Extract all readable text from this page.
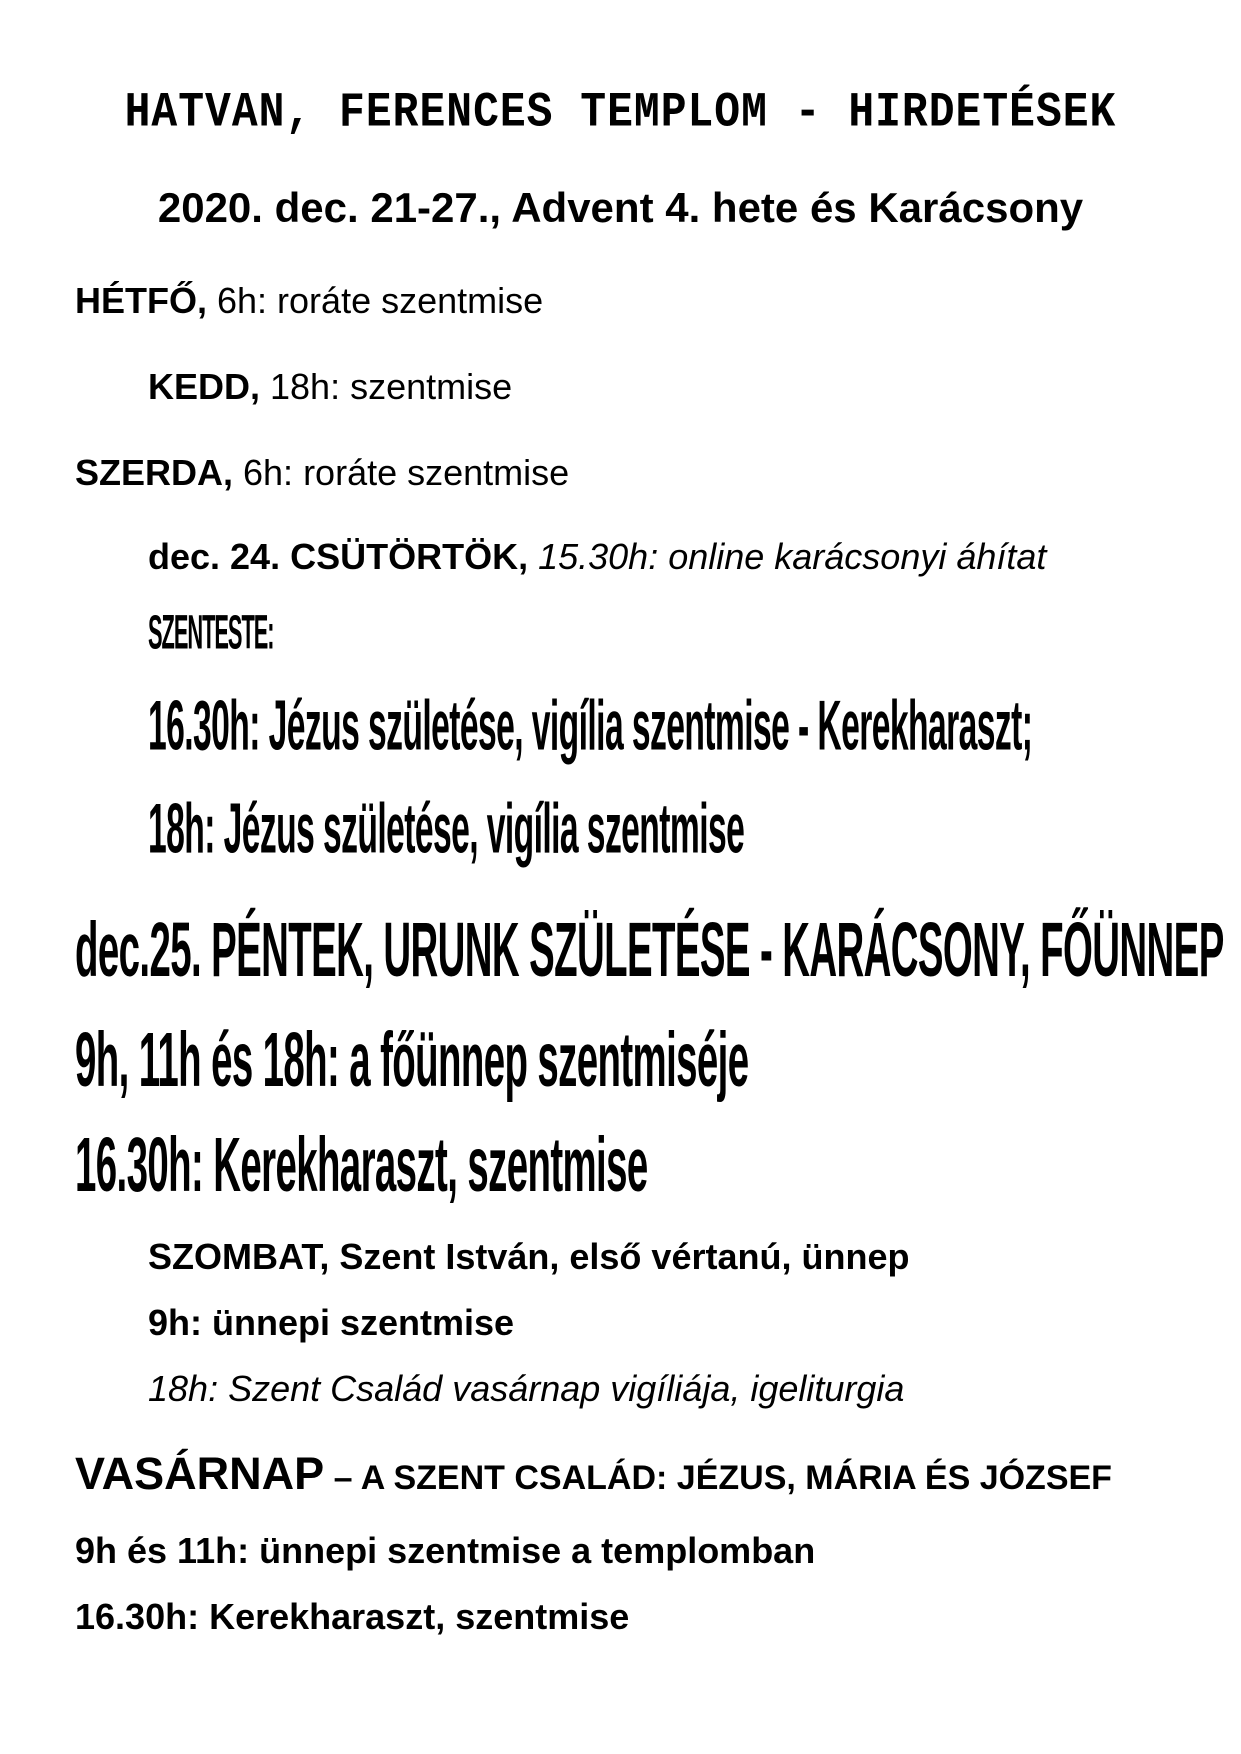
HATVAN, FERENCES TEMPLOM - HIRDETÉSEK
2020. dec. 21-27., Advent 4. hete és Karácsony

HÉTFŐ, 6h: roráte szentmise

KEDD, 18h: szentmise

SZERDA, 6h: roráte szentmise

dec. 24. CSÜTÖRTÖK, 15.30h: online karácsonyi áhítat

SZENTESTE:

16.30h: Jézus születése, vigília szentmise - Kerekharaszt;

18h: Jézus születése, vigília szentmise

dec.25. PÉNTEK, URUNK SZÜLETÉSE - KARÁCSONY, FŐÜNNEP

9h, 11h és 18h: a főünnep szentmiséje

16.30h: Kerekharaszt, szentmise

SZOMBAT, Szent István, első vértanú, ünnep

9h: ünnepi szentmise

18h: Szent Család vasárnap vigíliája, igeliturgia

VASÁRNAP – A SZENT CSALÁD: JÉZUS, MÁRIA ÉS JÓZSEF

9h és 11h: ünnepi szentmise a templomban

16.30h: Kerekharaszt, szentmise
